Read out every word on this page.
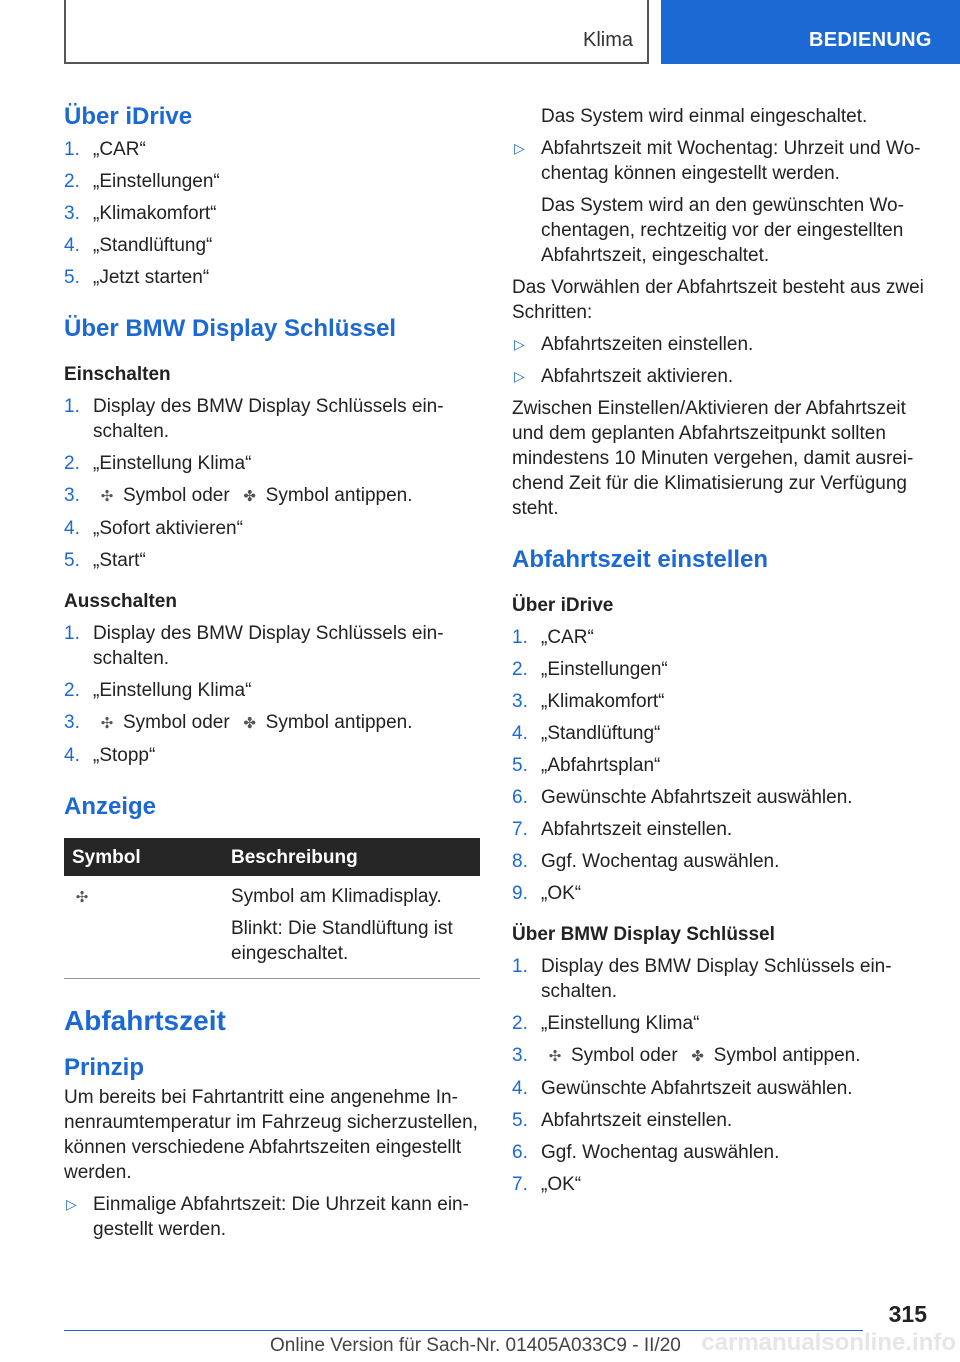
Klima	BEDIENUNG
Über iDrive
1. „CAR“
2. „Einstellungen“
3. „Klimakomfort“
4. „Standlüftung“
5. „Jetzt starten“
Über BMW Display Schlüssel
Einschalten
1. Display des BMW Display Schlüssels ein-schalten.
2. „Einstellung Klima“
3. ✣ Symbol oder ✤ Symbol antippen.
4. „Sofort aktivieren“
5. „Start“
Ausschalten
1. Display des BMW Display Schlüssels ein-schalten.
2. „Einstellung Klima“
3. ✣ Symbol oder ✤ Symbol antippen.
4. „Stopp“
Anzeige
Symbol	Beschreibung
✣	Symbol am Klimadisplay.

Blinkt: Die Standlüftung ist eingeschaltet.

Abfahrtszeit
Prinzip

Um bereits bei Fahrtantritt eine angenehme In-nenraumtemperatur im Fahrzeug sicherzustellen, können verschiedene Abfahrtszeiten eingestellt werden.

▷ Einmalige Abfahrtszeit: Die Uhrzeit kann ein-gestellt werden.

Das System wird einmal eingeschaltet.

▷ Abfahrtszeit mit Wochentag: Uhrzeit und Wo-chentag können eingestellt werden.

Das System wird an den gewünschten Wo-chentagen, rechtzeitig vor der eingestellten Abfahrtszeit, eingeschaltet.

Das Vorwählen der Abfahrtszeit besteht aus zwei Schritten:

▷ Abfahrtszeiten einstellen.
▷ Abfahrtszeit aktivieren.

Zwischen Einstellen/Aktivieren der Abfahrtszeit und dem geplanten Abfahrtszeitpunkt sollten mindestens 10 Minuten vergehen, damit ausrei-chend Zeit für die Klimatisierung zur Verfügung steht.

Abfahrtszeit einstellen
Über iDrive
1. „CAR“
2. „Einstellungen“
3. „Klimakomfort“
4. „Standlüftung“
5. „Abfahrtsplan“
6. Gewünschte Abfahrtszeit auswählen.
7. Abfahrtszeit einstellen.
8. Ggf. Wochentag auswählen.
9. „OK“
Über BMW Display Schlüssel
1. Display des BMW Display Schlüssels ein-schalten.
2. „Einstellung Klima“
3. ✣ Symbol oder ✤ Symbol antippen.
4. Gewünschte Abfahrtszeit auswählen.
5. Abfahrtszeit einstellen.
6. Ggf. Wochentag auswählen.
7. „OK“
315
Online Version für Sach-Nr. 01405A033C9 - II/20 carmanualsonline.info
